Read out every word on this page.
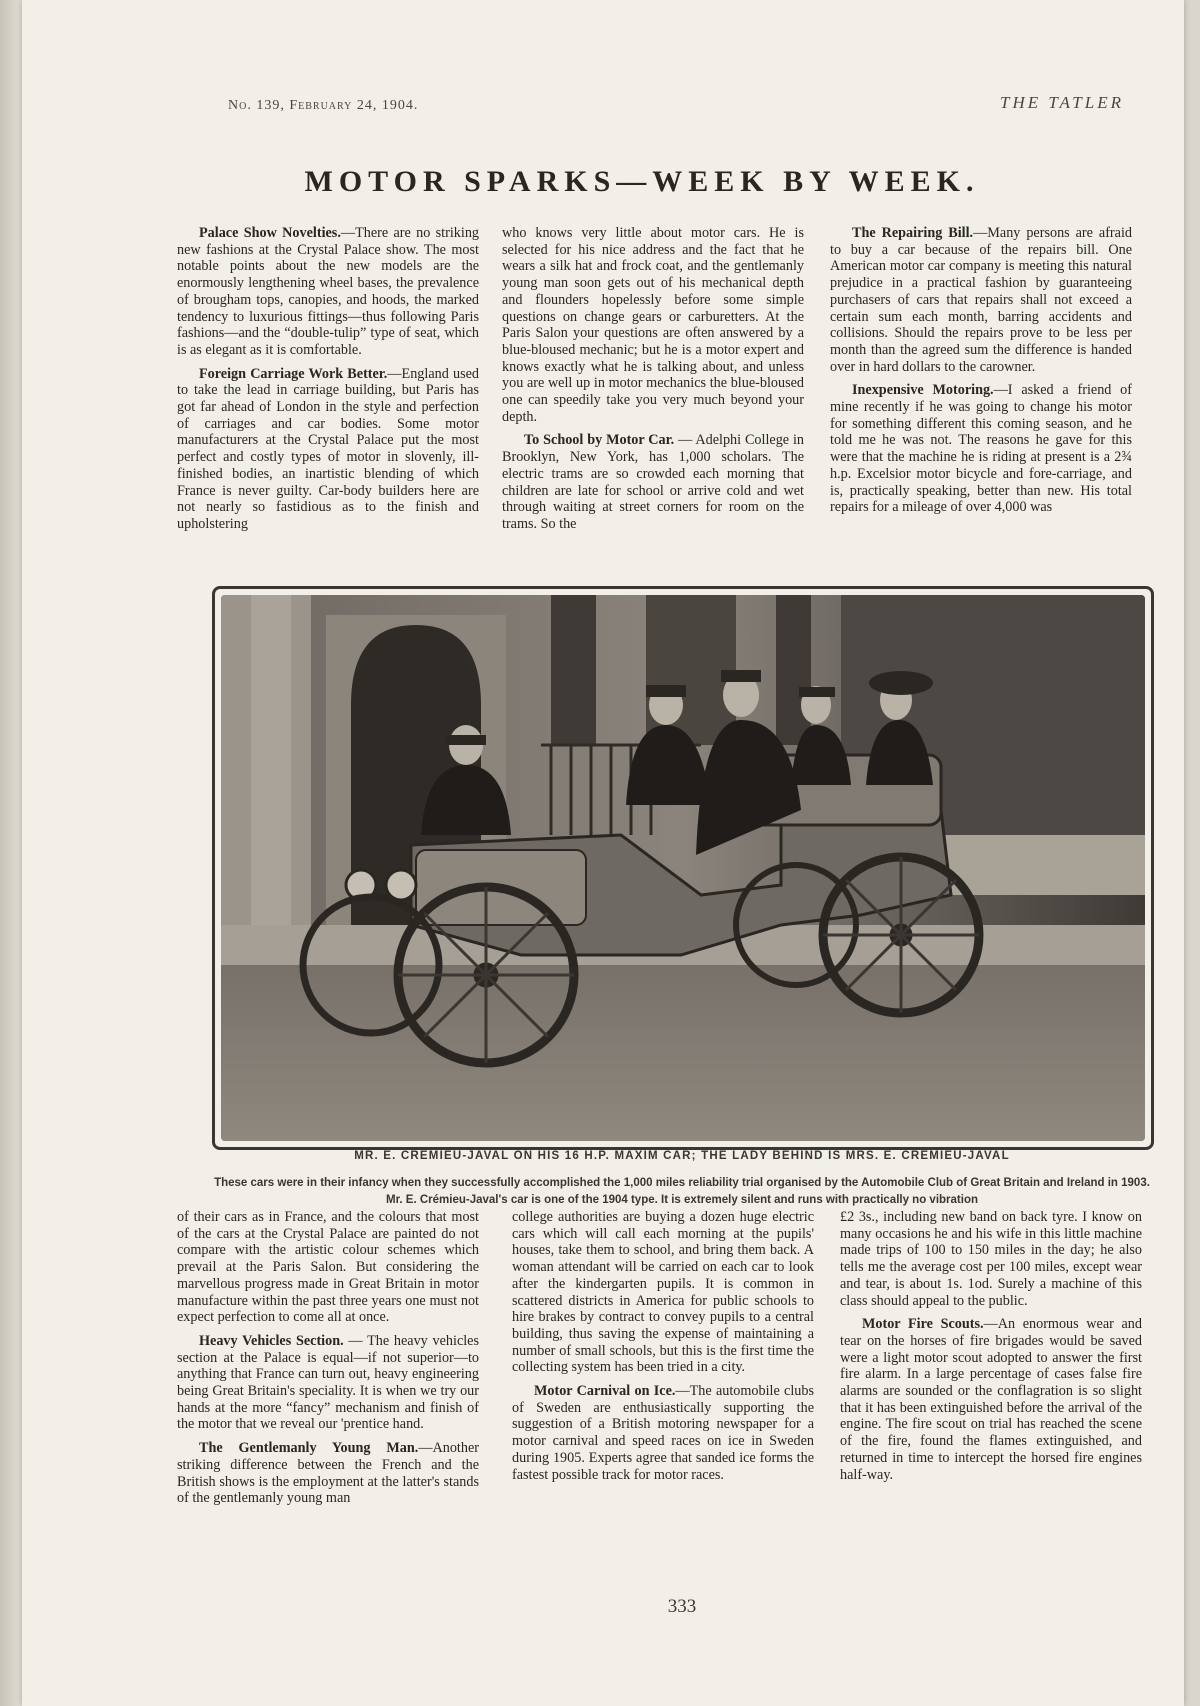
No. 139, February 24, 1904.	THE TATLER
MOTOR SPARKS—WEEK BY WEEK.

Palace Show Novelties.—There are no striking new fashions at the Crystal Palace show. The most notable points about the new models are the enormously lengthening wheel bases, the prevalence of brougham tops, canopies, and hoods, the marked tendency to luxurious fittings—thus following Paris fashions—and the “double-tulip” type of seat, which is as elegant as it is comfortable.

Foreign Carriage Work Better.—England used to take the lead in carriage building, but Paris has got far ahead of London in the style and perfection of carriages and car bodies. Some motor manufacturers at the Crystal Palace put the most perfect and costly types of motor in slovenly, ill-finished bodies, an inartistic blending of which France is never guilty. Car-body builders here are not nearly so fastidious as to the finish and upholstering

who knows very little about motor cars. He is selected for his nice address and the fact that he wears a silk hat and frock coat, and the gentlemanly young man soon gets out of his mechanical depth and flounders hopelessly before some simple questions on change gears or carburetters. At the Paris Salon your questions are often answered by a blue-bloused mechanic; but he is a motor expert and knows exactly what he is talking about, and unless you are well up in motor mechanics the blue-bloused one can speedily take you very much beyond your depth.

To School by Motor Car. — Adelphi College in Brooklyn, New York, has 1,000 scholars. The electric trams are so crowded each morning that children are late for school or arrive cold and wet through waiting at street corners for room on the trams. So the

The Repairing Bill.—Many persons are afraid to buy a car because of the repairs bill. One American motor car company is meeting this natural prejudice in a practical fashion by guaranteeing purchasers of cars that repairs shall not exceed a certain sum each month, barring accidents and collisions. Should the repairs prove to be less per month than the agreed sum the difference is handed over in hard dollars to the carowner.

Inexpensive Motoring.—I asked a friend of mine recently if he was going to change his motor for something different this coming season, and he told me he was not. The reasons he gave for this were that the machine he is riding at present is a 2¾ h.p. Excelsior motor bicycle and fore-carriage, and is, practically speaking, better than new. His total repairs for a mileage of over 4,000 was

MR. E. CRÉMIEU-JAVAL ON HIS 16 H.P. MAXIM CAR; THE LADY BEHIND IS MRS. E. CRÉMIEU-JAVAL
These cars were in their infancy when they successfully accomplished the 1,000 miles reliability trial organised by the Automobile Club of Great Britain and Ireland in 1903. Mr. E. Crémieu-Javal's car is one of the 1904 type. It is extremely silent and runs with practically no vibration

of their cars as in France, and the colours that most of the cars at the Crystal Palace are painted do not compare with the artistic colour schemes which prevail at the Paris Salon. But considering the marvellous progress made in Great Britain in motor manufacture within the past three years one must not expect perfection to come all at once.

Heavy Vehicles Section. — The heavy vehicles section at the Palace is equal—if not superior—to anything that France can turn out, heavy engineering being Great Britain's speciality. It is when we try our hands at the more “fancy” mechanism and finish of the motor that we reveal our 'prentice hand.

The Gentlemanly Young Man.—Another striking difference between the French and the British shows is the employment at the latter's stands of the gentlemanly young man

college authorities are buying a dozen huge electric cars which will call each morning at the pupils' houses, take them to school, and bring them back. A woman attendant will be carried on each car to look after the kindergarten pupils. It is common in scattered districts in America for public schools to hire brakes by contract to convey pupils to a central building, thus saving the expense of maintaining a number of small schools, but this is the first time the collecting system has been tried in a city.

Motor Carnival on Ice.—The automobile clubs of Sweden are enthusiastically supporting the suggestion of a British motoring newspaper for a motor carnival and speed races on ice in Sweden during 1905. Experts agree that sanded ice forms the fastest possible track for motor races.

£2 3s., including new band on back tyre. I know on many occasions he and his wife in this little machine made trips of 100 to 150 miles in the day; he also tells me the average cost per 100 miles, except wear and tear, is about 1s. 1od. Surely a machine of this class should appeal to the public.

Motor Fire Scouts.—An enormous wear and tear on the horses of fire brigades would be saved were a light motor scout adopted to answer the first fire alarm. In a large percentage of cases false fire alarms are sounded or the conflagration is so slight that it has been extinguished before the arrival of the engine. The fire scout on trial has reached the scene of the fire, found the flames extinguished, and returned in time to intercept the horsed fire engines half-way.

333
